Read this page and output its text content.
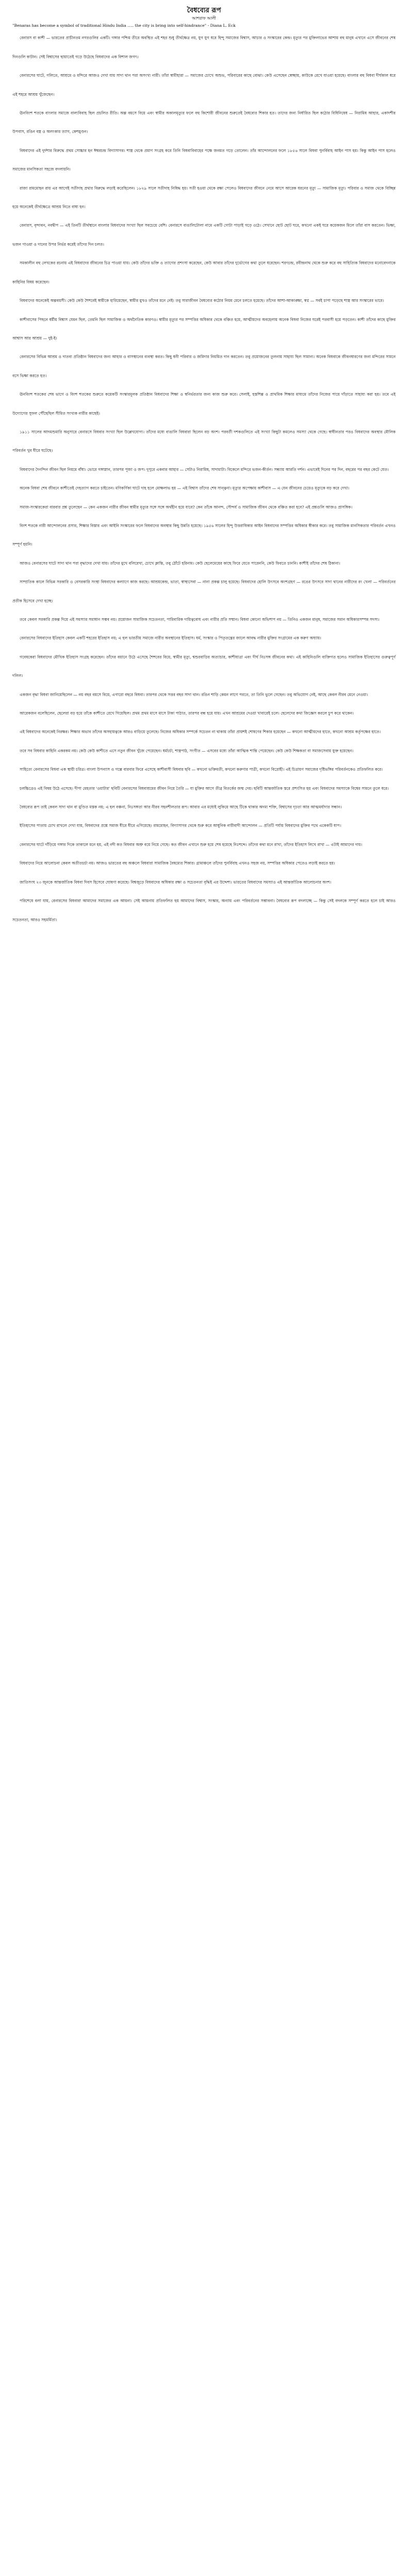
বৈধব্যের রূপ
আশরাফ আলী

"Benaras has become a symbol of traditional Hindu India ..... the city is bring into self-hindrance" - Diana L. Eck

বেনারস বা কাশী — ভারতের প্রাচীনতম নগরগুলির একটি। গঙ্গার পশ্চিম তীরে অবস্থিত এই শহর শুধু তীর্থক্ষেত্র নয়, যুগ যুগ ধরে হিন্দু সমাজের বিশ্বাস, আচার ও সংস্কারের কেন্দ্র। মৃত্যুর পর মুক্তিলাভের আশায় বহু মানুষ এখানে এসে জীবনের শেষ দিনগুলি কাটান। সেই বিশ্বাসের ছায়াতেই গড়ে উঠেছে বিধবাদের এক বিশাল জগৎ।

বেনারসের ঘাটে, গলিতে, আশ্রমে ও মন্দিরে আজও দেখা যায় সাদা থান পরা অসংখ্য নারী। তাঁরা স্বামীহারা — সমাজের চোখে অশুভ, পরিবারের কাছে বোঝা। কেউ এসেছেন স্বেচ্ছায়, কাউকে রেখে যাওয়া হয়েছে। বাংলার বহু বিধবা দীর্ঘকাল ধরে এই শহরে আশ্রয় খুঁজেছেন।

ঊনবিংশ শতকে বাংলার সমাজে বাল্যবিবাহ ছিল প্রচলিত রীতি। অল্প বয়সে বিয়ে এবং স্বামীর অকালমৃত্যুর ফলে বহু কিশোরী জীবনের শুরুতেই বৈধব্যের শিকার হত। তাদের জন্য নির্ধারিত ছিল কঠোর বিধিনিষেধ — নিরামিষ আহার, একাদশীর উপবাস, রঙিন বস্ত্র ও অলংকার ত্যাগ, কেশমুণ্ডন।

বিধবাদের এই দুর্দশার বিরুদ্ধে প্রথম সোচ্চার হন ঈশ্বরচন্দ্র বিদ্যাসাগর। শাস্ত্র থেকে প্রমাণ সংগ্রহ করে তিনি বিধবাবিবাহের পক্ষে জনমত গড়ে তোলেন। তাঁর আন্দোলনের ফলে ১৮৫৬ সালে বিধবা পুনর্বিবাহ আইন পাস হয়। কিন্তু আইন পাস হলেও সমাজের মানসিকতা সহজে বদলায়নি।

রাজা রামমোহন রায় এর আগেই সতীদাহ প্রথার বিরুদ্ধে লড়াই করেছিলেন। ১৮২৯ সালে সতীদাহ নিষিদ্ধ হয়। সতী হওয়া থেকে রক্ষা পেলেও বিধবাদের জীবনে নেমে আসে আরেক ধরনের মৃত্যু — সামাজিক মৃত্যু। পরিবার ও সমাজ থেকে বিচ্ছিন্ন হয়ে অনেকেই তীর্থক্ষেত্রে আশ্রয় নিতে বাধ্য হন।

বেনারস, বৃন্দাবন, নবদ্বীপ — এই তিনটি তীর্থস্থানে বাংলার বিধবাদের সংখ্যা ছিল সবচেয়ে বেশি। বেনারসে বাঙালিটোলা নামে একটি গোটা পাড়াই গড়ে ওঠে। সেখানে ছোট ছোট ঘরে, কখনো একই ঘরে কয়েকজন মিলে তাঁরা বাস করতেন। ভিক্ষা, ভজন গাওয়া ও দানের উপর নির্ভর করেই তাঁদের দিন চলত।

সমকালীন বহু লেখকের রচনায় এই বিধবাদের জীবনের চিত্র পাওয়া যায়। কেউ তাঁদের ভক্তি ও ত্যাগের প্রশংসা করেছেন, কেউ আবার তাঁদের দুর্ভোগের কথা তুলে ধরেছেন। শরৎচন্দ্র, রবীন্দ্রনাথ থেকে শুরু করে বহু সাহিত্যিক বিধবাদের মনোবেদনাকে কাহিনির বিষয় করেছেন।

বিধবাদের অনেকেই অল্পবয়সী। কেউ কেউ শৈশবেই স্বামীকে হারিয়েছেন, স্বামীর মুখও তাঁদের মনে নেই। তবু সারাজীবন বৈধব্যের কঠোর নিয়ম মেনে চলতে হয়েছে। তাঁদের আশা-আকাঙ্ক্ষা, স্বপ্ন — সবই চাপা পড়েছে শাস্ত্র আর সংস্কারের ভারে।

কাশীবাসের পিছনে ধর্মীয় বিশ্বাস যেমন ছিল, তেমনি ছিল সামাজিক ও অর্থনৈতিক কারণও। স্বামীর মৃত্যুর পর সম্পত্তির অধিকার থেকে বঞ্চিত হয়ে, আত্মীয়দের অবহেলায় অনেক বিধবা নিজের ঘরেই পরবাসী হয়ে পড়তেন। কাশী তাঁদের কাছে মুক্তির আশ্বাস আর আশ্রয় — দুই-ই।

বেনারসের বিভিন্ন আশ্রম ও দাতব্য প্রতিষ্ঠান বিধবাদের জন্য আহার ও বাসস্থানের ব্যবস্থা করত। কিছু ধনী পরিবার ও জমিদার নিয়মিত দান করতেন। তবু প্রয়োজনের তুলনায় সাহায্য ছিল সামান্য। অনেক বিধবাকে জীবনধারণের জন্য মন্দিরের সামনে বসে ভিক্ষা করতে হত।

ঊনবিংশ শতকের শেষ ভাগে ও বিংশ শতকের শুরুতে কয়েকটি সংস্কারমূলক প্রতিষ্ঠান বিধবাদের শিক্ষা ও স্বনির্ভরতার জন্য কাজ শুরু করে। সেলাই, হস্তশিল্প ও প্রাথমিক শিক্ষার মাধ্যমে তাঁদের নিজের পায়ে দাঁড়াতে সাহায্য করা হয়। তবে এই উদ্যোগের সুফল পৌঁছেছিল সীমিত সংখ্যক নারীর কাছেই।

১৯১১ সালের আদমশুমারি অনুসারে বেনারসে বিধবার সংখ্যা ছিল উল্লেখযোগ্য। তাঁদের মধ্যে বাঙালি বিধবারা ছিলেন বড় অংশ। পরবর্তী দশকগুলিতে এই সংখ্যা কিছুটা কমলেও সমস্যা থেকে গেছে। স্বাধীনতার পরও বিধবাদের অবস্থার মৌলিক পরিবর্তন খুব ধীরে ঘটেছে।

বিধবাদের দৈনন্দিন জীবন ছিল নিয়মে বাঁধা। ভোরে গঙ্গাস্নান, তারপর পূজা ও জপ। দুপুরে একবার আহার — সেটাও নিরামিষ, সাদামাটা। বিকেলে মন্দিরে ভজন-কীর্তন। সন্ধ্যায় আরতি দর্শন। এভাবেই দিনের পর দিন, বছরের পর বছর কেটে যেত।

অনেক বিধবা শেষ জীবনে কাশীতেই দেহত্যাগ করতে চাইতেন। মণিকর্ণিকা ঘাটে দাহ হলে মোক্ষলাভ হয় — এই বিশ্বাস তাঁদের শেষ সান্ত্বনা। মৃত্যুর অপেক্ষায় কাশীবাস — এ যেন জীবনের চেয়েও মৃত্যুকে বড় করে দেখা।

সমাজ-সংস্কারকেরা বারবার প্রশ্ন তুলেছেন — কেন একজন নারীর জীবন স্বামীর মৃত্যুর সঙ্গে সঙ্গে অর্থহীন হয়ে যাবে? কেন তাঁকে আনন্দ, সৌন্দর্য ও সামাজিক জীবন থেকে বঞ্চিত করা হবে? এই প্রশ্নগুলি আজও প্রাসঙ্গিক।

বিংশ শতকে নারী আন্দোলনের প্রসার, শিক্ষার বিস্তার এবং আইনি সংস্কারের ফলে বিধবাদের অবস্থার কিছু উন্নতি হয়েছে। ১৯৫৬ সালের হিন্দু উত্তরাধিকার আইন বিধবাদের সম্পত্তির অধিকার স্বীকার করে। তবু সামাজিক মানসিকতার পরিবর্তন এখনও সম্পূর্ণ হয়নি।

আজও বেনারসের ঘাটে সাদা থান পরা বৃদ্ধাদের দেখা যায়। তাঁদের মুখে বলিরেখা, চোখে ক্লান্তি, তবু ঠোঁটে হরিনাম। কেউ ছেলেমেয়ের কাছে ফিরে যেতে পারেননি, কেউ ফিরতে চাননি। কাশীই তাঁদের শেষ ঠিকানা।

সাম্প্রতিক কালে বিভিন্ন সরকারি ও বেসরকারি সংস্থা বিধবাদের কল্যাণে কাজ করছে। আশ্রয়কেন্দ্র, ভাতা, স্বাস্থ্যসেবা — নানা প্রকল্প চালু হয়েছে। বিধবাদের হোলি উৎসবে অংশগ্রহণ — রঙের উৎসবে সাদা থানের নারীদের রং খেলা — পরিবর্তনের প্রতীক হিসেবে দেখা হচ্ছে।

তবে কেবল সরকারি প্রকল্প দিয়ে এই সমস্যার সমাধান সম্ভব নয়। প্রয়োজন সামাজিক সচেতনতা, পারিবারিক দায়িত্ববোধ এবং নারীর প্রতি সম্মান। বিধবা কোনো অভিশাপ নয় — তিনিও একজন মানুষ, সমাজের সমান অধিকারসম্পন্ন সদস্য।

বেনারসের বিধবাদের ইতিহাস কেবল একটি শহরের ইতিহাস নয়; এ হল ভারতীয় সমাজে নারীর অবস্থানের ইতিহাস। ধর্ম, সংস্কার ও পিতৃতন্ত্রের জালে আবদ্ধ নারীর মুক্তির সংগ্রামের এক করুণ অধ্যায়।

গবেষকেরা বিধবাদের মৌখিক ইতিহাস সংগ্রহ করেছেন। তাঁদের বয়ানে উঠে এসেছে শৈশবের বিয়ে, স্বামীর মৃত্যু, শ্বশুরবাড়ির অত্যাচার, কাশীযাত্রা এবং দীর্ঘ নিঃসঙ্গ জীবনের কথা। এই কাহিনিগুলি ব্যক্তিগত হলেও সামাজিক ইতিহাসের গুরুত্বপূর্ণ দলিল।

একজন বৃদ্ধা বিধবা জানিয়েছিলেন — নয় বছর বয়সে বিয়ে, এগারো বছরে বিধবা। তারপর থেকে সত্তর বছর সাদা থান। রঙিন শাড়ি কেমন লাগে পরতে, তা তিনি ভুলে গেছেন। তবু অভিযোগ নেই, আছে কেবল নীরব মেনে নেওয়া।

আরেকজন বলেছিলেন, ছেলেরা বড় হয়ে তাঁকে কাশীতে রেখে গিয়েছিল। প্রথম প্রথম মাসে মাসে টাকা পাঠাত, তারপর বন্ধ হয়ে যায়। এখন আশ্রমের দেওয়া খাবারেই চলে। ছেলেদের কথা জিজ্ঞেস করলে চুপ করে থাকেন।

এই বিধবাদের অনেকেই নিরক্ষর। শিক্ষার অভাব তাঁদের অসহায়ত্বকে আরও বাড়িয়ে তুলেছে। নিজের অধিকার সম্পর্কে সচেতন না থাকায় তাঁরা প্রায়শই শোষণের শিকার হয়েছেন — কখনো আত্মীয়দের হাতে, কখনো আশ্রম কর্তৃপক্ষের হাতে।

তবে সব বিধবার কাহিনি একরকম নয়। কেউ কেউ কাশীতে এসে নতুন জীবন খুঁজে পেয়েছেন। ধর্মচর্চা, শাস্ত্রপাঠ, সংগীত — এসবের মধ্যে তাঁরা আত্মিক শান্তি পেয়েছেন। কেউ কেউ শিক্ষকতা বা সমাজসেবায় যুক্ত হয়েছেন।

সাহিত্যে বেনারসের বিধবা এক স্থায়ী চরিত্র। বাংলা উপন্যাস ও গল্পে বারবার ফিরে এসেছে কাশীবাসী বিধবার ছবি — কখনো ভক্তিমতী, কখনো করুণার পাত্রী, কখনো বিদ্রোহী। এই চিত্রায়ণ সমাজের দৃষ্টিভঙ্গির পরিবর্তনকেও প্রতিফলিত করে।

চলচ্চিত্রেও এই বিষয় উঠে এসেছে। দীপা মেহতার 'ওয়াটার' ছবিটি বেনারসের বিধবাশ্রমের জীবন নিয়ে তৈরি — যা মুক্তির আগে তীব্র বিতর্কের জন্ম দেয়। ছবিটি আন্তর্জাতিক স্তরে প্রশংসিত হয় এবং বিধবাদের সমস্যাকে বিশ্বের সামনে তুলে ধরে।

বৈধব্যের রূপ তাই কেবল সাদা থান বা মুণ্ডিত মস্তক নয়; এ হল বঞ্চনা, নিঃসঙ্গতা আর নীরব সহনশীলতার রূপ। আবার এর মধ্যেই লুকিয়ে আছে টিকে থাকার অদম্য শক্তি, বিশ্বাসের দৃঢ়তা আর আত্মমর্যাদার সন্ধান।

ইতিহাসের পাতায় চোখ রাখলে দেখা যায়, বিধবাদের প্রশ্নে সমাজ ধীরে ধীরে এগিয়েছে। রামমোহন, বিদ্যাসাগর থেকে শুরু করে আধুনিক নারীবাদী আন্দোলন — প্রতিটি পর্যায় বিধবাদের মুক্তির পথে একেকটি ধাপ।

বেনারসের ঘাটে দাঁড়িয়ে গঙ্গার দিকে তাকালে মনে হয়, এই নদী কত বিধবার অশ্রু বয়ে নিয়ে গেছে। কত জীবন এখানে শুরু হয়ে শেষ হয়েছে নিঃশব্দে। তাঁদের কথা মনে রাখা, তাঁদের ইতিহাস লিখে রাখা — এটাই আমাদের দায়।

বিধবাদের নিয়ে আলোচনা কেবল অতীতচর্চা নয়। আজও ভারতের বহু অঞ্চলে বিধবারা সামাজিক বৈষম্যের শিকার। গ্রামাঞ্চলে তাঁদের পুনর্বিবাহ এখনও সহজ নয়, সম্পত্তির অধিকার পেতেও লড়াই করতে হয়।

জাতিসংঘ ২৩ জুনকে আন্তর্জাতিক বিধবা দিবস হিসেবে ঘোষণা করেছে। বিশ্বজুড়ে বিধবাদের অধিকার রক্ষা ও সচেতনতা বৃদ্ধিই এর উদ্দেশ্য। ভারতের বিধবাদের সমস্যাও এই আন্তর্জাতিক আলোচনার অংশ।

পরিশেষে বলা যায়, বেনারসের বিধবারা আমাদের সমাজের এক আয়না। সেই আয়নায় প্রতিফলিত হয় আমাদের বিশ্বাস, সংস্কার, অন্যায় এবং পরিবর্তনের সম্ভাবনা। বৈধব্যের রূপ বদলাচ্ছে — কিন্তু সেই বদলকে সম্পূর্ণ করতে হলে চাই আরও সচেতনতা, আরও সহমর্মিতা।
